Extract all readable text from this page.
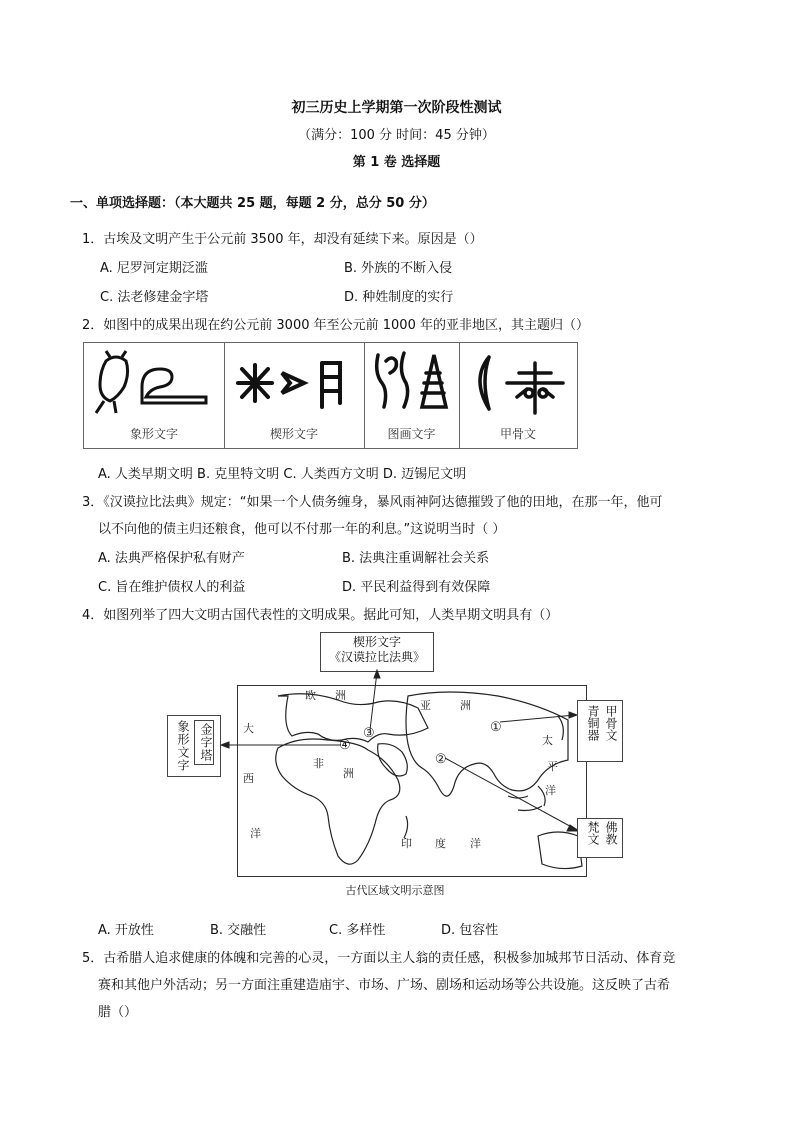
初三历史上学期第一次阶段性测试
（满分：100 分 时间：45 分钟）
第 1 卷 选择题
一、单项选择题：（本大题共 25 题，每题 2 分，总分 50 分）
1．古埃及文明产生于公元前 3500 年，却没有延续下来。原因是（）
A. 尼罗河定期泛滥	B. 外族的不断入侵
C. 法老修建金字塔	D. 种姓制度的实行
2．如图中的成果出现在约公元前 3000 年至公元前 1000 年的亚非地区，其主题归（）
象形文字	楔形文字	图画文字	甲骨文
A. 人类早期文明 B. 克里特文明 C. 人类西方文明 D. 迈锡尼文明
3．《汉谟拉比法典》规定：“如果一个人债务缠身，暴风雨神阿达德摧毁了他的田地，在那一年，他可
以不向他的债主归还粮食，他可以不付那一年的利息。”这说明当时（ ）
A. 法典严格保护私有财产	B. 法典注重调解社会关系
C. 旨在维护债权人的利益	D. 平民利益得到有效保障
4．如图列举了四大文明古国代表性的文明成果。据此可知，人类早期文明具有（）
楔形文字
《汉谟拉比法典》
欧 洲
亚	洲
大
西
洋
非
洲
印 度 洋
太
平
洋
①
②
③
④
象形文字 金字塔	甲骨文
青铜器
佛教
梵文
古代区域文明示意图
A. 开放性	B. 交融性	C. 多样性	D. 包容性
5．古希腊人追求健康的体魄和完善的心灵，一方面以主人翁的责任感，积极参加城邦节日活动、体育竞
赛和其他户外活动；另一方面注重建造庙宇、市场、广场、剧场和运动场等公共设施。这反映了古希
腊（）
